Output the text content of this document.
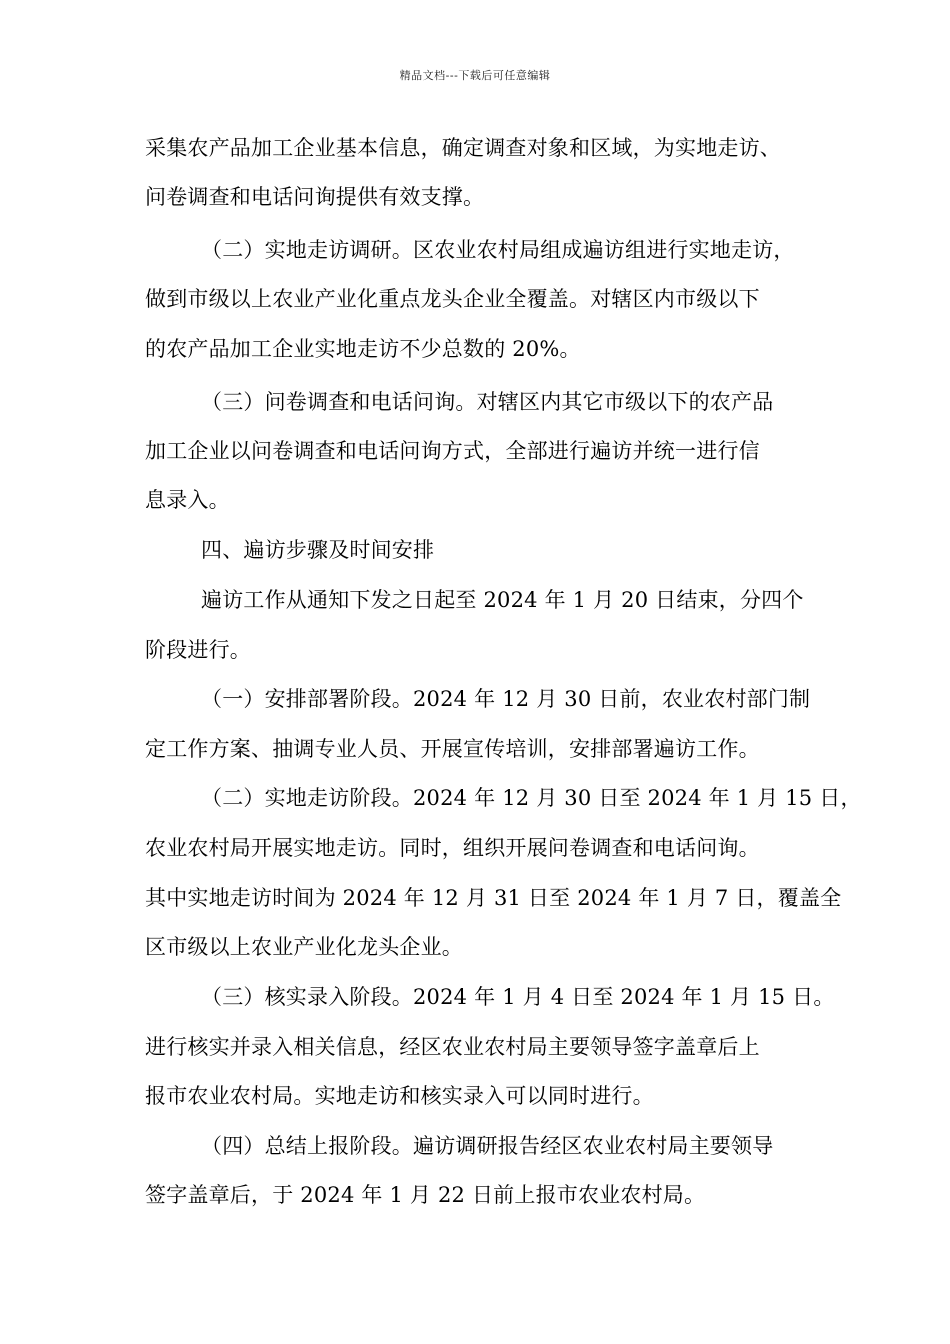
精品文档---下载后可任意编辑
采集农产品加工企业基本信息，确定调查对象和区域，为实地走访、
问卷调查和电话问询提供有效支撑。
（二）实地走访调研。区农业农村局组成遍访组进行实地走访，
做到市级以上农业产业化重点龙头企业全覆盖。对辖区内市级以下
的农产品加工企业实地走访不少总数的 20%。
（三）问卷调查和电话问询。对辖区内其它市级以下的农产品
加工企业以问卷调查和电话问询方式，全部进行遍访并统一进行信
息录入。
四、遍访步骤及时间安排
遍访工作从通知下发之日起至 2024 年 1 月 20 日结束，分四个
阶段进行。
（一）安排部署阶段。2024 年 12 月 30 日前，农业农村部门制
定工作方案、抽调专业人员、开展宣传培训，安排部署遍访工作。
（二）实地走访阶段。2024 年 12 月 30 日至 2024 年 1 月 15 日，
农业农村局开展实地走访。同时，组织开展问卷调查和电话问询。
其中实地走访时间为 2024 年 12 月 31 日至 2024 年 1 月 7 日，覆盖全
区市级以上农业产业化龙头企业。
（三）核实录入阶段。2024 年 1 月 4 日至 2024 年 1 月 15 日。
进行核实并录入相关信息，经区农业农村局主要领导签字盖章后上
报市农业农村局。实地走访和核实录入可以同时进行。
（四）总结上报阶段。遍访调研报告经区农业农村局主要领导
签字盖章后，于 2024 年 1 月 22 日前上报市农业农村局。
